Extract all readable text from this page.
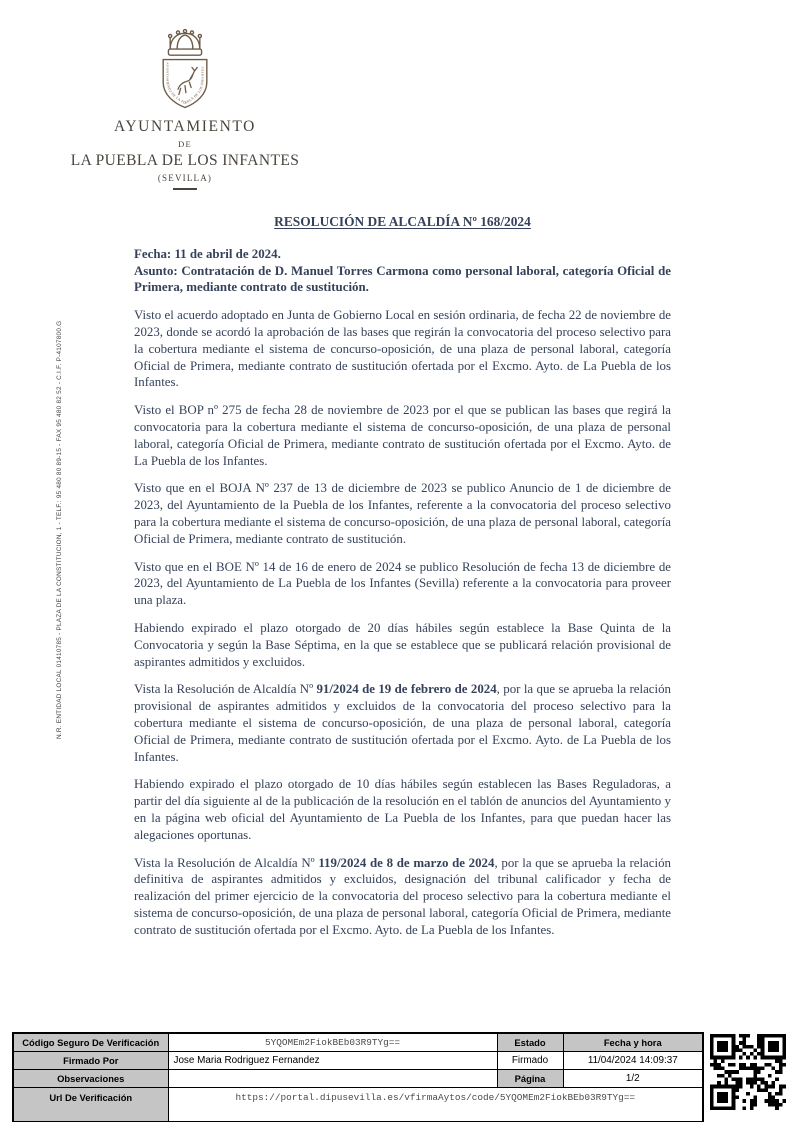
N.R. ENTIDAD LOCAL 01410785 - PLAZA DE LA CONSTITUCION, 1 - TELF.: 95 480 80 89-15 - FAX 95 480 82 52 - C.I.F. P-4107800.G
AYUNTAMIENTO DE LA PUEBLA DE LOS INFANTES
AYUNTAMIENTO
DE
LA PUEBLA DE LOS INFANTES
(SEVILLA)
RESOLUCIÓN DE ALCALDÍA Nº 168/2024

Fecha: 11 de abril de 2024.

Asunto: Contratación de D. Manuel Torres Carmona como personal laboral, categoría Oficial de Primera, mediante contrato de sustitución.

Visto el acuerdo adoptado en Junta de Gobierno Local en sesión ordinaria, de fecha 22 de noviembre de 2023, donde se acordó la aprobación de las bases que regirán la convocatoria del proceso selectivo para la cobertura mediante el sistema de concurso-oposición, de una plaza de personal laboral, categoría Oficial de Primera, mediante contrato de sustitución ofertada por el Excmo. Ayto. de La Puebla de los Infantes.

Visto el BOP nº 275 de fecha 28 de noviembre de 2023 por el que se publican las bases que regirá la convocatoria para la cobertura mediante el sistema de concurso-oposición, de una plaza de personal laboral, categoría Oficial de Primera, mediante contrato de sustitución ofertada por el Excmo. Ayto. de La Puebla de los Infantes.

Visto que en el BOJA Nº 237 de 13 de diciembre de 2023 se publico Anuncio de 1 de diciembre de 2023, del Ayuntamiento de la Puebla de los Infantes, referente a la convocatoria del proceso selectivo para la cobertura mediante el sistema de concurso-oposición, de una plaza de personal laboral, categoría Oficial de Primera, mediante contrato de sustitución.

Visto que en el BOE Nº 14 de 16 de enero de 2024 se publico Resolución de fecha 13 de diciembre de 2023, del Ayuntamiento de La Puebla de los Infantes (Sevilla) referente a la convocatoria para proveer una plaza.

Habiendo expirado el plazo otorgado de 20 días hábiles según establece la Base Quinta de la Convocatoria y según la Base Séptima, en la que se establece que se publicará relación provisional de aspirantes admitidos y excluidos.

Vista la Resolución de Alcaldía Nº 91/2024 de 19 de febrero de 2024, por la que se aprueba la relación provisional de aspirantes admitidos y excluidos de la convocatoria del proceso selectivo para la cobertura mediante el sistema de concurso-oposición, de una plaza de personal laboral, categoría Oficial de Primera, mediante contrato de sustitución ofertada por el Excmo. Ayto. de La Puebla de los Infantes.

Habiendo expirado el plazo otorgado de 10 días hábiles según establecen las Bases Reguladoras, a partir del día siguiente al de la publicación de la resolución en el tablón de anuncios del Ayuntamiento y en la página web oficial del Ayuntamiento de La Puebla de los Infantes, para que puedan hacer las alegaciones oportunas.

Vista la Resolución de Alcaldía Nº 119/2024 de 8 de marzo de 2024, por la que se aprueba la relación definitiva de aspirantes admitidos y excluidos, designación del tribunal calificador y fecha de realización del primer ejercicio de la convocatoria del proceso selectivo para la cobertura mediante el sistema de concurso-oposición, de una plaza de personal laboral, categoría Oficial de Primera, mediante contrato de sustitución ofertada por el Excmo. Ayto. de La Puebla de los Infantes.

Código Seguro De Verificación	5YQOMEm2FiokBEb03R9TYg==	Estado	Fecha y hora
Firmado Por	Jose Maria Rodriguez Fernandez	Firmado	11/04/2024 14:09:37
Observaciones		Página	1/2
Url De Verificación	https://portal.dipusevilla.es/vfirmaAytos/code/5YQOMEm2FiokBEb03R9TYg==		
